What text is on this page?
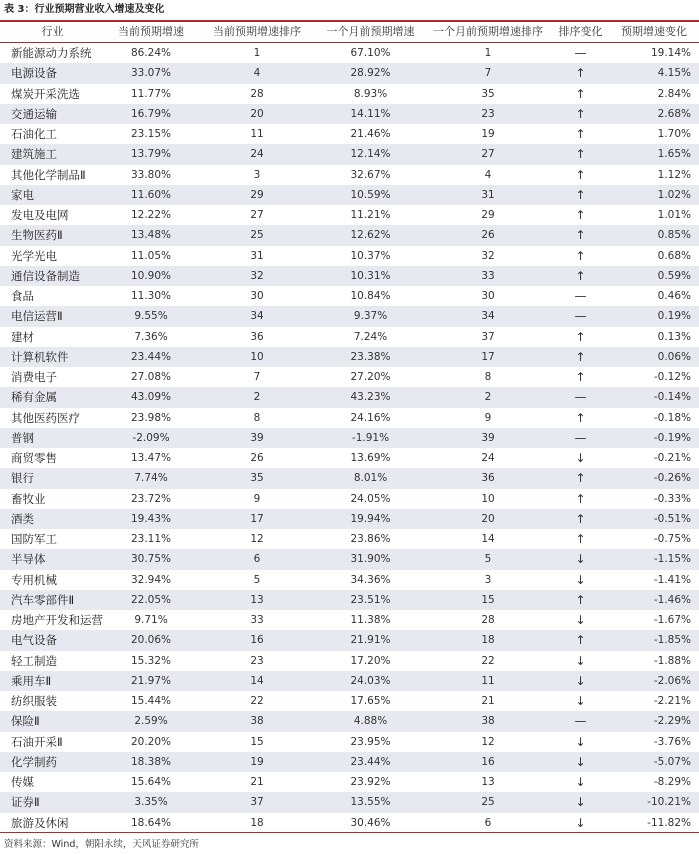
表 3：行业预期营业收入增速及变化
行业	当前预期增速	当前预期增速排序	一个月前预期增速	一个月前预期增速排序	排序变化	预期增速变化
新能源动力系统	86.24%	1	67.10%	1	—	19.14%
电源设备	33.07%	4	28.92%	7	↑	4.15%
煤炭开采洗选	11.77%	28	8.93%	35	↑	2.84%
交通运输	16.79%	20	14.11%	23	↑	2.68%
石油化工	23.15%	11	21.46%	19	↑	1.70%
建筑施工	13.79%	24	12.14%	27	↑	1.65%
其他化学制品Ⅱ	33.80%	3	32.67%	4	↑	1.12%
家电	11.60%	29	10.59%	31	↑	1.02%
发电及电网	12.22%	27	11.21%	29	↑	1.01%
生物医药Ⅱ	13.48%	25	12.62%	26	↑	0.85%
光学光电	11.05%	31	10.37%	32	↑	0.68%
通信设备制造	10.90%	32	10.31%	33	↑	0.59%
食品	11.30%	30	10.84%	30	—	0.46%
电信运营Ⅱ	9.55%	34	9.37%	34	—	0.19%
建材	7.36%	36	7.24%	37	↑	0.13%
计算机软件	23.44%	10	23.38%	17	↑	0.06%
消费电子	27.08%	7	27.20%	8	↑	-0.12%
稀有金属	43.09%	2	43.23%	2	—	-0.14%
其他医药医疗	23.98%	8	24.16%	9	↑	-0.18%
普钢	-2.09%	39	-1.91%	39	—	-0.19%
商贸零售	13.47%	26	13.69%	24	↓	-0.21%
银行	7.74%	35	8.01%	36	↑	-0.26%
畜牧业	23.72%	9	24.05%	10	↑	-0.33%
酒类	19.43%	17	19.94%	20	↑	-0.51%
国防军工	23.11%	12	23.86%	14	↑	-0.75%
半导体	30.75%	6	31.90%	5	↓	-1.15%
专用机械	32.94%	5	34.36%	3	↓	-1.41%
汽车零部件Ⅱ	22.05%	13	23.51%	15	↑	-1.46%
房地产开发和运营	9.71%	33	11.38%	28	↓	-1.67%
电气设备	20.06%	16	21.91%	18	↑	-1.85%
轻工制造	15.32%	23	17.20%	22	↓	-1.88%
乘用车Ⅱ	21.97%	14	24.03%	11	↓	-2.06%
纺织服装	15.44%	22	17.65%	21	↓	-2.21%
保险Ⅱ	2.59%	38	4.88%	38	—	-2.29%
石油开采Ⅱ	20.20%	15	23.95%	12	↓	-3.76%
化学制药	18.38%	19	23.44%	16	↓	-5.07%
传媒	15.64%	21	23.92%	13	↓	-8.29%
证券Ⅱ	3.35%	37	13.55%	25	↓	-10.21%
旅游及休闲	18.64%	18	30.46%	6	↓	-11.82%
资料来源：Wind，朝阳永续，天风证券研究所
